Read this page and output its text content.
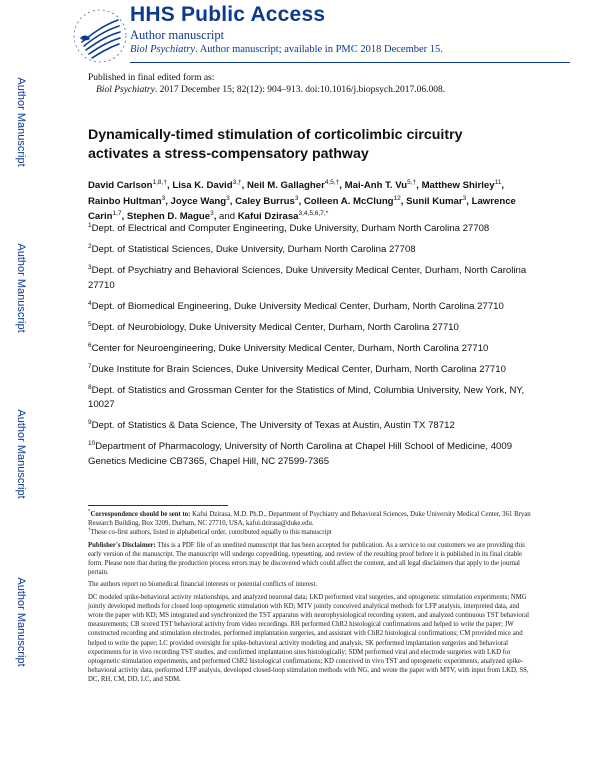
HHS Public Access
Author manuscript
Biol Psychiatry. Author manuscript; available in PMC 2018 December 15.
Author Manuscript
Author Manuscript
Author Manuscript
Author Manuscript
Published in final edited form as:
Biol Psychiatry. 2017 December 15; 82(12): 904–913. doi:10.1016/j.biopsych.2017.06.008.
Dynamically-timed stimulation of corticolimbic circuitry activates a stress-compensatory pathway
David Carlson$^{1,8,\dagger}$, Lisa K. David$^{3,\dagger}$, Neil M. Gallagher$^{4,5,\dagger}$, Mai-Anh T. $Vu^{5,\dagger}$, Matthew Shirley$^{11}$, Rainbo Hultman$^3$, Joyce Wang$^3$, Caley Burrus$^3$, Colleen A. McClung$^{12}$, Sunil Kumar$^3$, Lawrence Carin$^{1,7}$, Stephen D. Mague$^3$, and Kafui Dzirasa$^{3,4,5,6,7,*}$
$^1$Dept. of Electrical and Computer Engineering, Duke University, Durham North Carolina 27708
$^2$Dept. of Statistical Sciences, Duke University, Durham North Carolina 27708
$^3$Dept. of Psychiatry and Behavioral Sciences, Duke University Medical Center, Durham, North Carolina 27710
$^4$Dept. of Biomedical Engineering, Duke University Medical Center, Durham, North Carolina 27710
$^5$Dept. of Neurobiology, Duke University Medical Center, Durham, North Carolina 27710
$^6$Center for Neuroengineering, Duke University Medical Center, Durham, North Carolina 27710
$^7$Duke Institute for Brain Sciences, Duke University Medical Center, Durham, North Carolina 27710
$^8$Dept. of Statistics and Grossman Center for the Statistics of Mind, Columbia University, New York, NY, 10027
$^9$Dept. of Statistics & Data Science, The University of Texas at Austin, Austin TX 78712
$^{10}$Department of Pharmacology, University of North Carolina at Chapel Hill School of Medicine, 4009 Genetics Medicine CB7365, Chapel Hill, NC 27599-7365

*Correspondence should be sent to: Kafui Dzirasa, M.D. Ph.D., Department of Psychiatry and Behavioral Sciences, Duke University Medical Center, 361 Bryan Research Building, Box 3209, Durham, NC 27710, USA, kafui.dzirasa@duke.edu.
†These co-first authors, listed in alphabetical order, contributed equally to this manuscript

Publisher's Disclaimer: This is a PDF file of an unedited manuscript that has been accepted for publication. As a service to our customers we are providing this early version of the manuscript. The manuscript will undergo copyediting, typesetting, and review of the resulting proof before it is published in its final citable form. Please note that during the production process errors may be discovered which could affect the content, and all legal disclaimers that apply to the journal pertain.

The authors report no biomedical financial interests or potential conflicts of interest.

DC modeled spike-behavioral activity relationships, and analyzed neuronal data; LKD performed viral surgeries, and optogenetic stimulation experiments; NMG jointly developed methods for closed loop optogenetic stimulation with KD; MTV jointly conceived analytical methods for LFP analysis, interpreted data, and wrote the paper with KD; MS integrated and synchronized the TST apparatus with neurophysiological recording system, and analyzed continuous TST behavioral measurements; CB scored TST behavioral activity from video recordings. RH performed ChR2 histological confirmations and helped to write the paper; JW constructed recording and stimulation electrodes, performed implantation surgeries, and assistant with ChR2 histological confirmations; CM provided mice and helped to write the paper; LC provided oversight for spike-behavioral activity modeling and analysis. SK performed implantation surgeries and behavioral experiments for in vivo recording TST studies, and confirmed implantation sites histologically; SDM performed viral and electrode surgeries with LKD for optogenetic stimulation experiments, and performed ChR2 histological confirmations; KD conceived in vivo TST and optogenetic experiments, analyzed spike-behavioral activity data, performed LFP analysis, developed closed-loop stimulation methods with NG, and wrote the paper with MTV, with input from LKD, SS, DC, RH, CM, DD, LC, and SDM.
